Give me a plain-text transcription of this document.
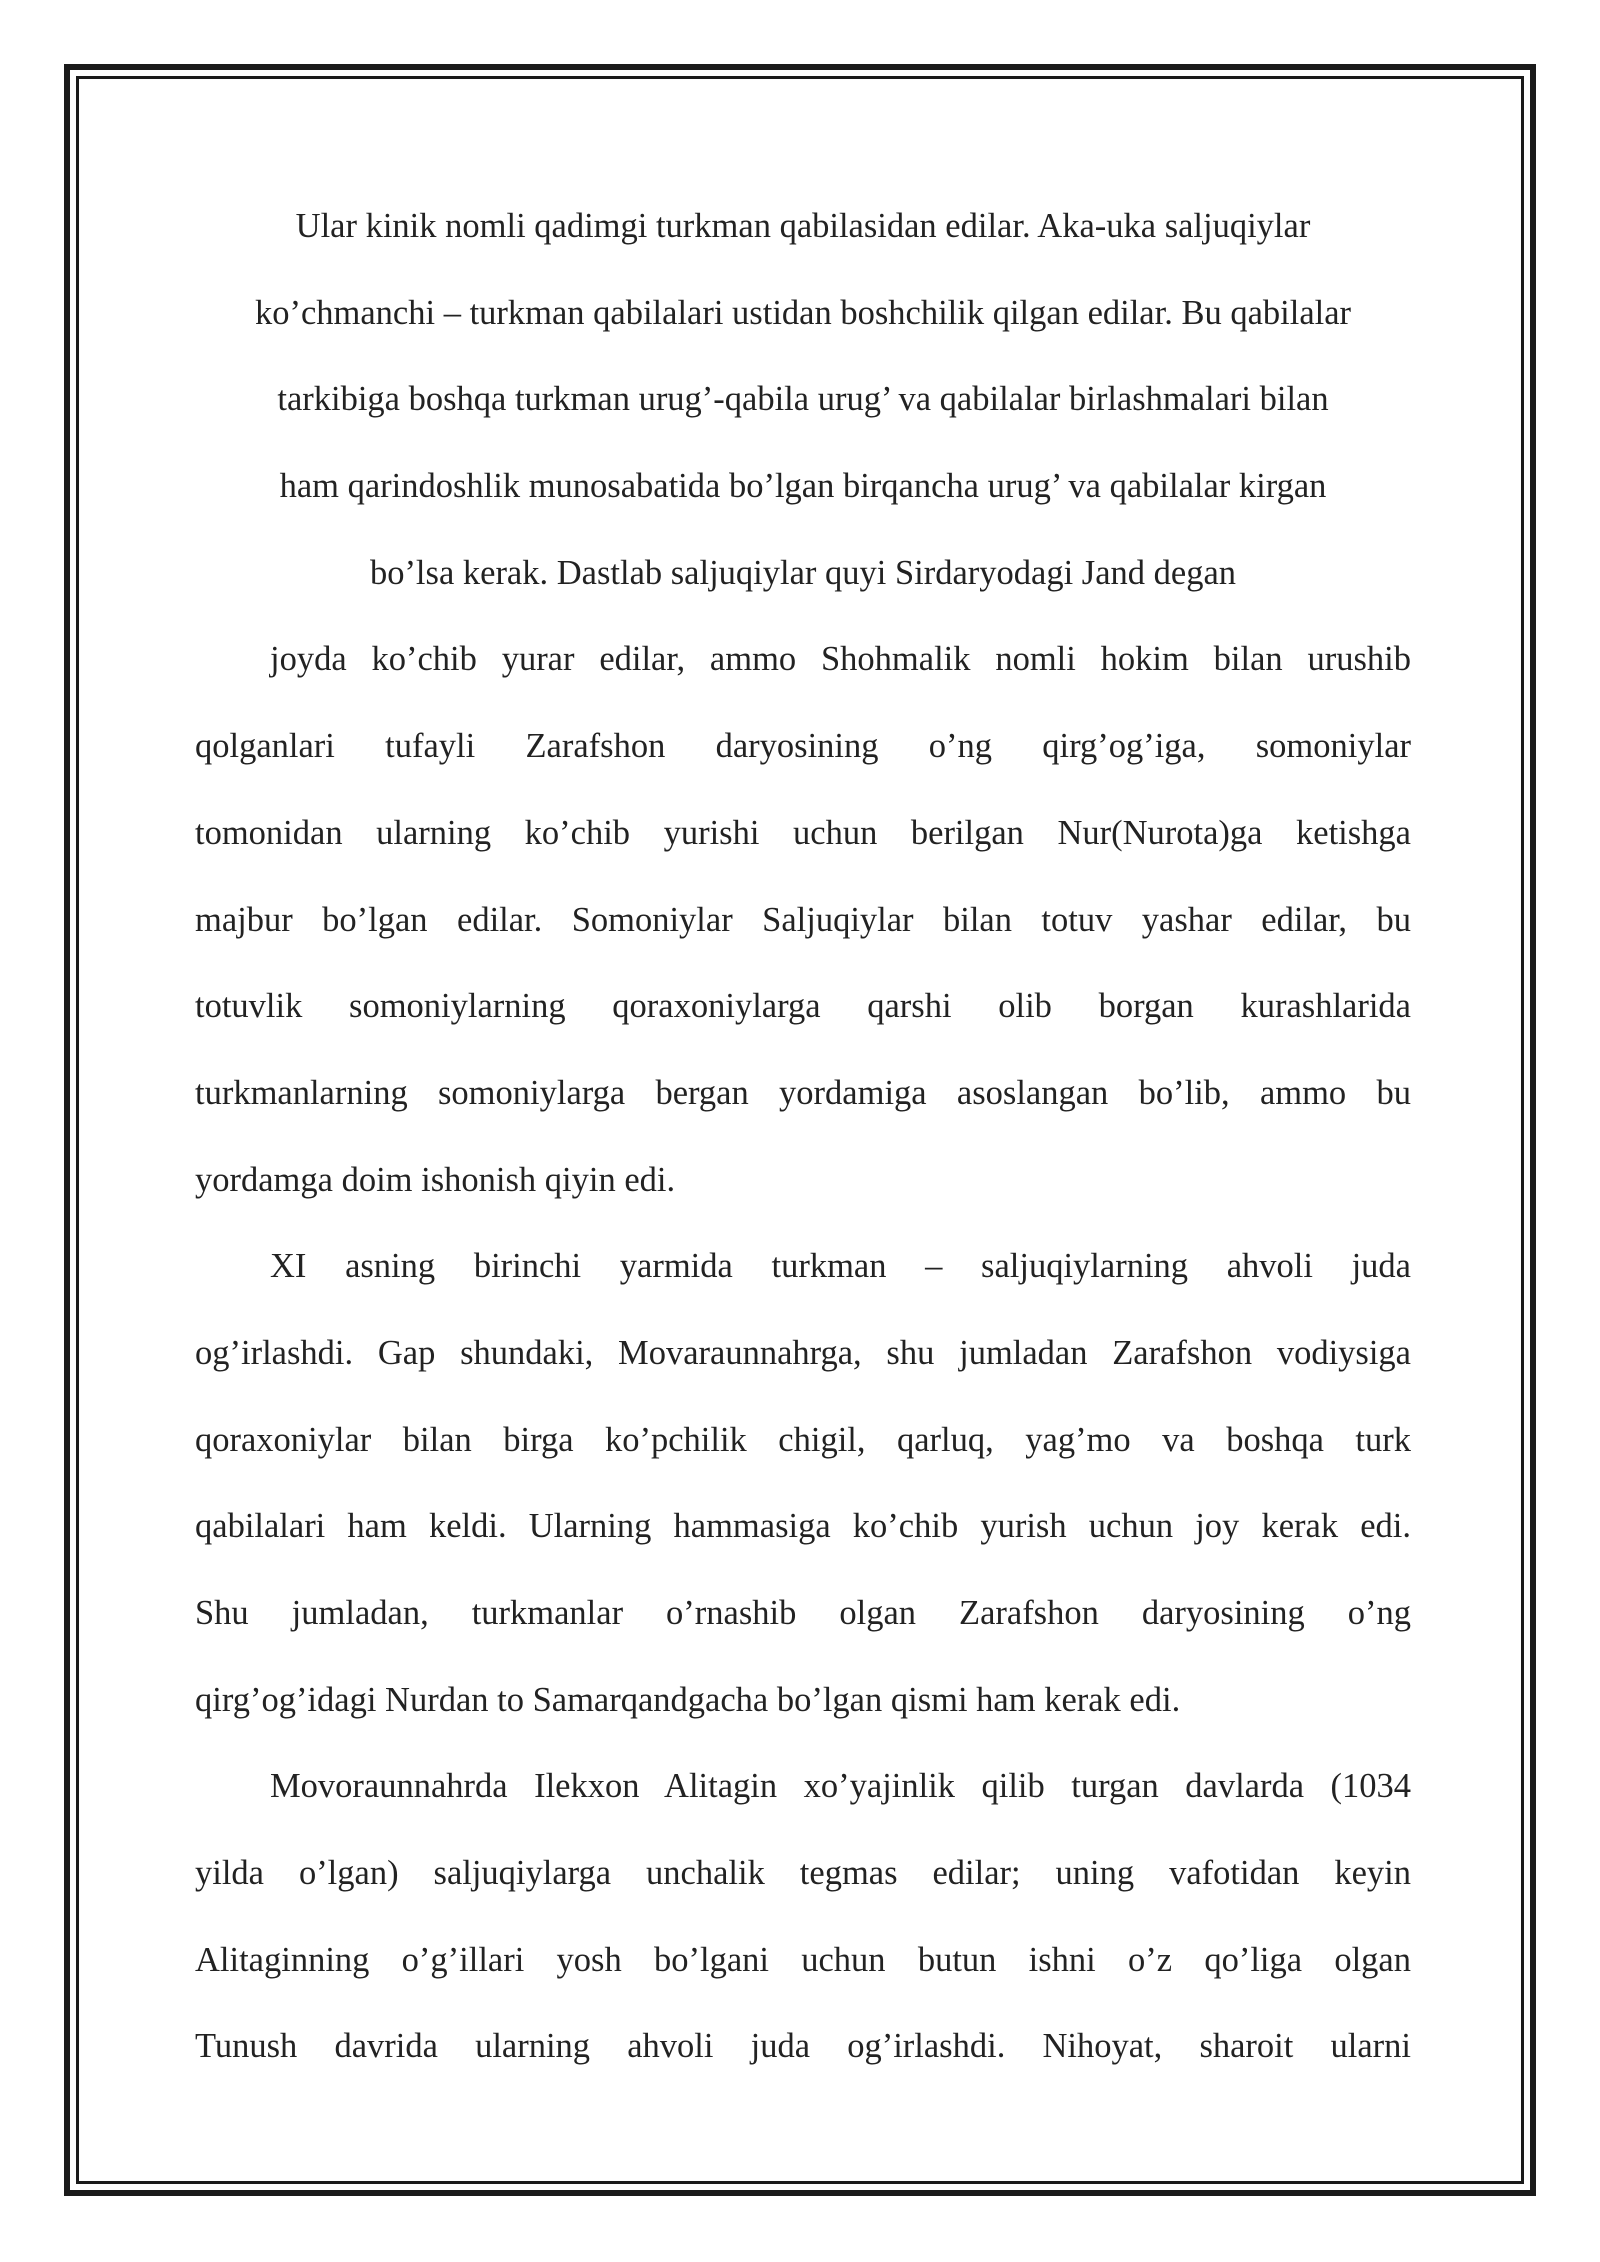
Ular kinik nomli qadimgi turkman qabilasidan edilar. Aka-uka saljuqiylar
ko’chmanchi – turkman qabilalari ustidan boshchilik qilgan edilar. Bu qabilalar
tarkibiga boshqa turkman urug’-qabila urug’ va qabilalar birlashmalari bilan
ham qarindoshlik munosabatida bo’lgan birqancha urug’ va qabilalar kirgan
bo’lsa kerak. Dastlab saljuqiylar quyi Sirdaryodagi Jand degan
joyda ko’chib yurar edilar, ammo Shohmalik nomli hokim bilan urushib
qolganlari tufayli Zarafshon daryosining o’ng qirg’og’iga, somoniylar
tomonidan ularning ko’chib yurishi uchun berilgan Nur(Nurota)ga ketishga
majbur bo’lgan edilar. Somoniylar Saljuqiylar bilan totuv yashar edilar, bu
totuvlik somoniylarning qoraxoniylarga qarshi olib borgan kurashlarida
turkmanlarning somoniylarga bergan yordamiga asoslangan bo’lib, ammo bu
yordamga doim ishonish qiyin edi.
XI asning birinchi yarmida turkman – saljuqiylarning ahvoli juda
og’irlashdi. Gap shundaki, Movaraunnahrga, shu jumladan Zarafshon vodiysiga
qoraxoniylar bilan birga ko’pchilik chigil, qarluq, yag’mo va boshqa turk
qabilalari ham keldi. Ularning hammasiga ko’chib yurish uchun joy kerak edi.
Shu jumladan, turkmanlar o’rnashib olgan Zarafshon daryosining o’ng
qirg’og’idagi Nurdan to Samarqandgacha bo’lgan qismi ham kerak edi.
Movoraunnahrda Ilekxon Alitagin xo’yajinlik qilib turgan davlarda (1034
yilda o’lgan) saljuqiylarga unchalik tegmas edilar; uning vafotidan keyin
Alitaginning o’g’illari yosh bo’lgani uchun butun ishni o’z qo’liga olgan
Tunush davrida ularning ahvoli juda og’irlashdi. Nihoyat, sharoit ularni
